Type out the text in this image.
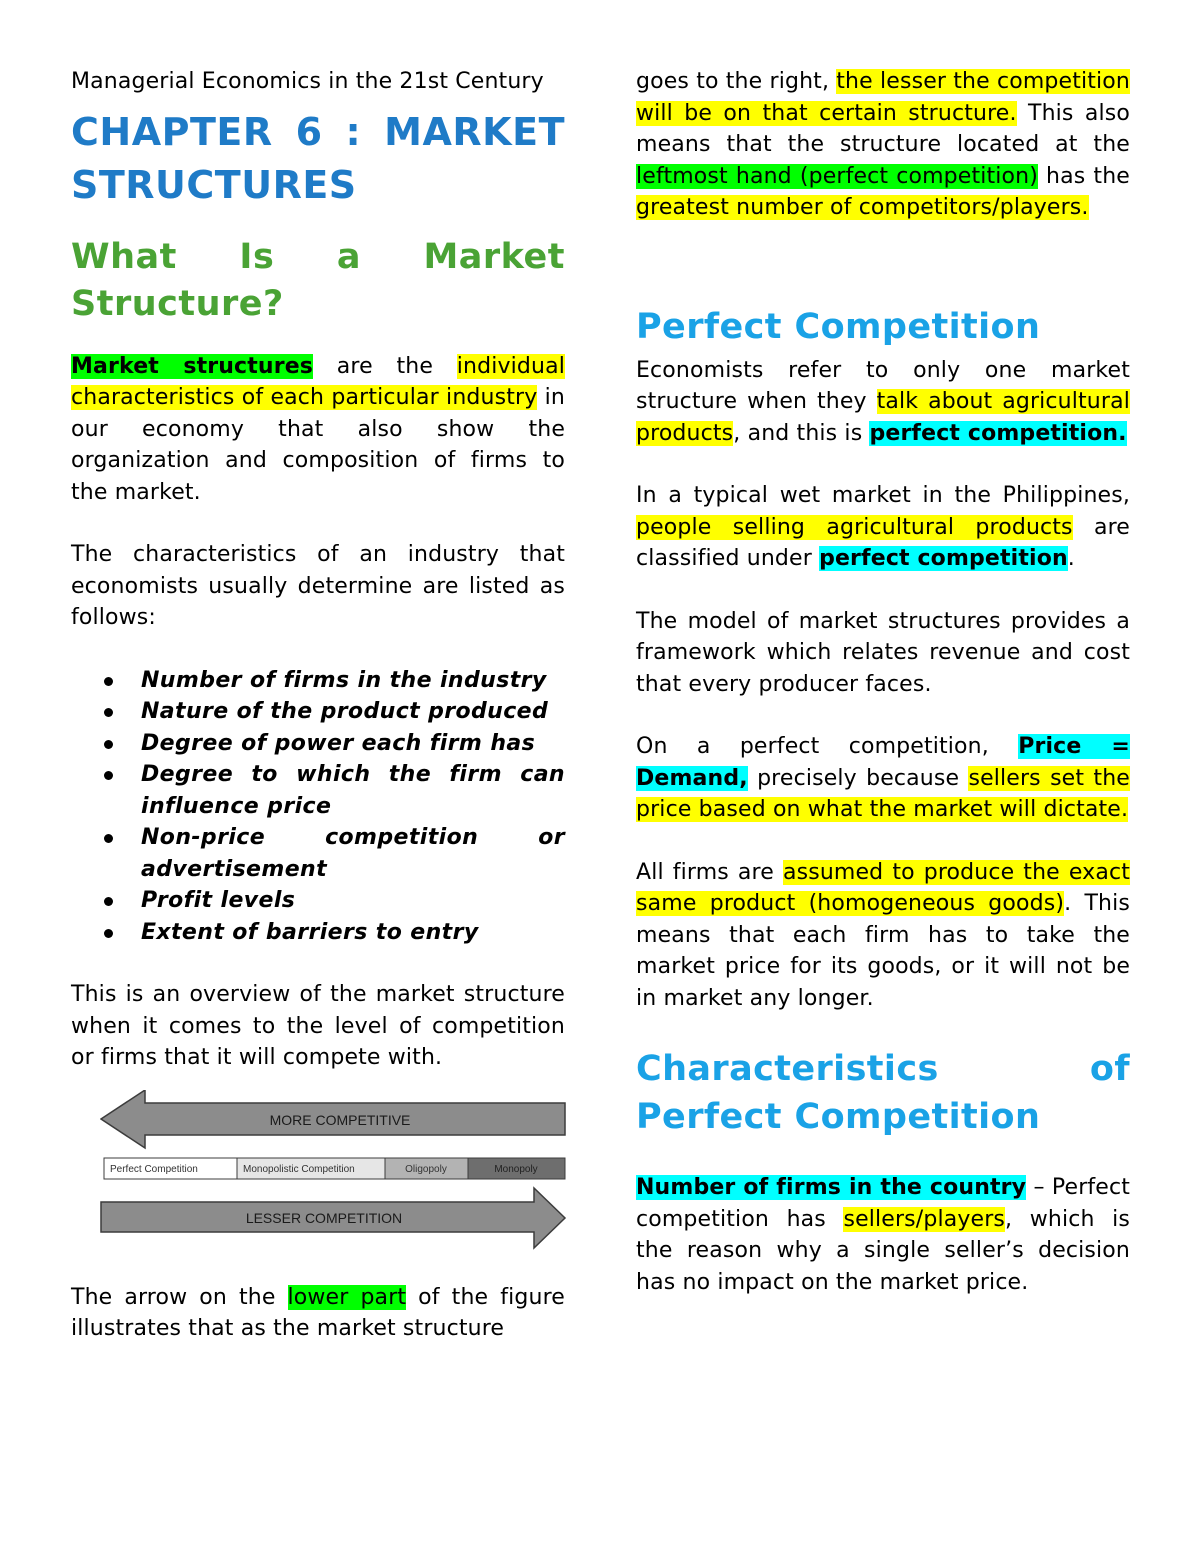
Managerial Economics in the 21st Century

CHAPTER 6 : MARKET STRUCTURES
What Is a Market Structure?

Market structures are the individual characteristics of each particular industry in our economy that also show the organization and composition of firms to the market.

The characteristics of an industry that economists usually determine are listed as follows:

Number of firms in the industry
Nature of the product produced
Degree of power each firm has
Degree to which the firm can influence price
Non-price competition or advertisement
Profit levels
Extent of barriers to entry

This is an overview of the market structure when it comes to the level of competition or firms that it will compete with.

MORE COMPETITIVE
Perfect Competition	Monopolistic Competition	Oligopoly	Monopoly
LESSER COMPETITION

The arrow on the lower part of the figure illustrates that as the market structure

goes to the right, the lesser the competition will be on that certain structure. This also means that the structure located at the leftmost hand (perfect competition) has the greatest number of competitors/players.

Perfect Competition

Economists refer to only one market structure when they talk about agricultural products, and this is perfect competition.

In a typical wet market in the Philippines, people selling agricultural products are classified under perfect competition.

The model of market structures provides a framework which relates revenue and cost that every producer faces.

On a perfect competition, Price = Demand, precisely because sellers set the price based on what the market will dictate.

All firms are assumed to produce the exact same product (homogeneous goods). This means that each firm has to take the market price for its goods, or it will not be in market any longer.

Characteristics of Perfect Competition

Number of firms in the country – Perfect competition has sellers/players, which is the reason why a single seller’s decision has no impact on the market price.
